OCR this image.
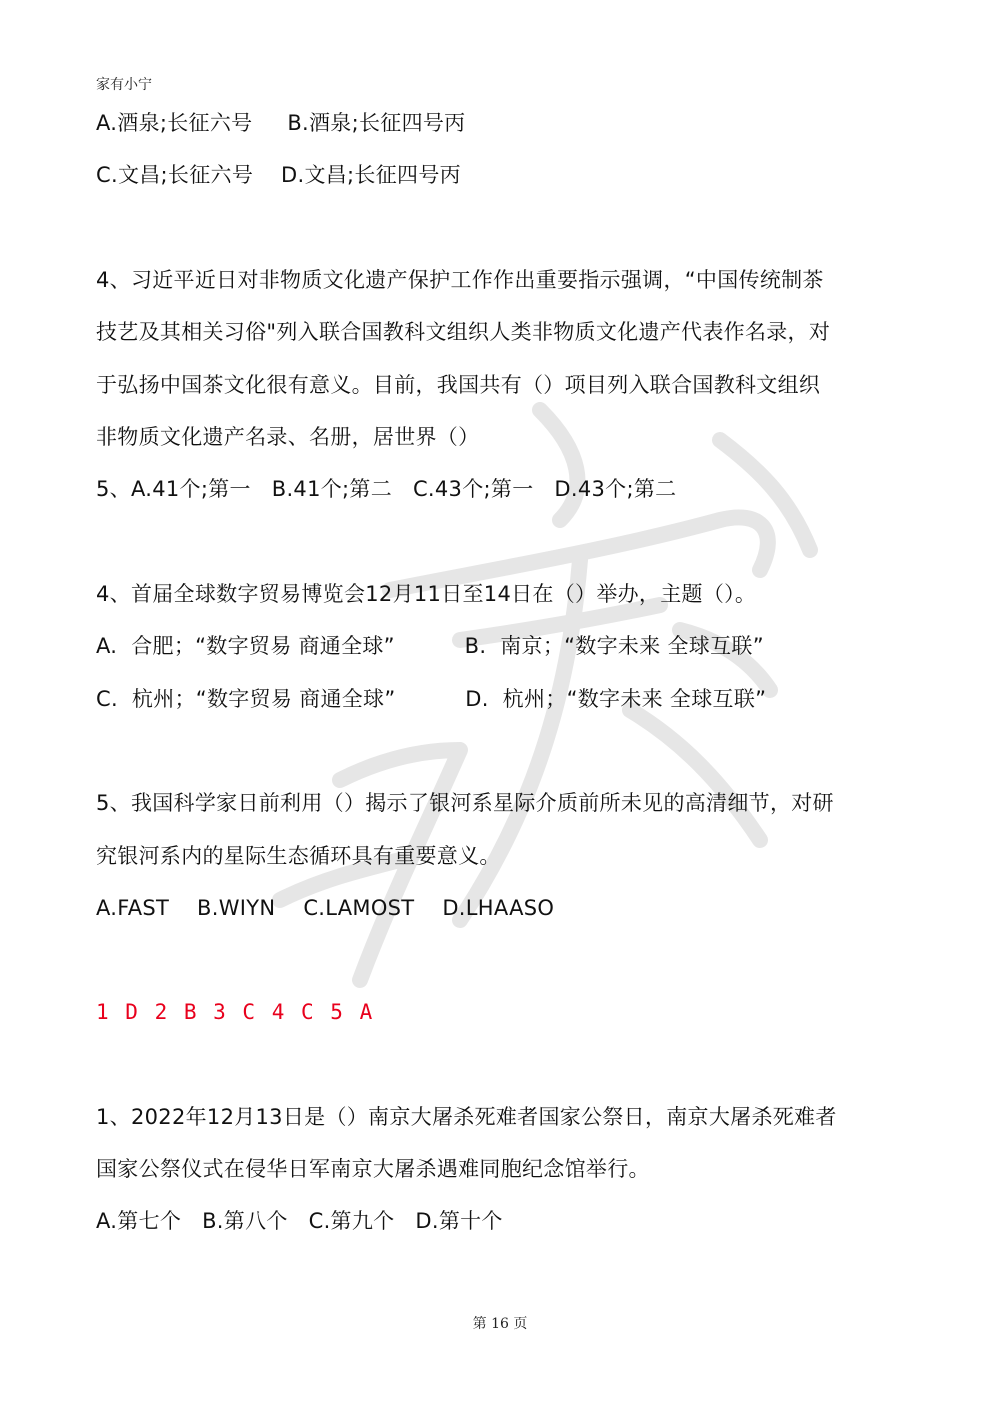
家有小宁
A.酒泉;长征六号     B.酒泉;长征四号丙
C.文昌;长征六号    D.文昌;长征四号丙
4、习近平近日对非物质文化遗产保护工作作出重要指示强调，“中国传统制茶
技艺及其相关习俗"列入联合国教科文组织人类非物质文化遗产代表作名录，对
于弘扬中国茶文化很有意义。目前，我国共有（）项目列入联合国教科文组织
非物质文化遗产名录、名册，居世界（）
5、A.41个;第一   B.41个;第二   C.43个;第一   D.43个;第二
4、首届全球数字贸易博览会12月11日至14日在（）举办，主题（）。
A.  合肥；“数字贸易 商通全球”          B.  南京；“数字未来 全球互联”
C.  杭州；“数字贸易 商通全球”          D.  杭州；“数字未来 全球互联”
5、我国科学家日前利用（）揭示了银河系星际介质前所未见的高清细节，对研
究银河系内的星际生态循环具有重要意义。
A.FAST    B.WIYN    C.LAMOST    D.LHAASO
1 D 2 B 3 C 4 C 5 A
1、2022年12月13日是（）南京大屠杀死难者国家公祭日，南京大屠杀死难者
国家公祭仪式在侵华日军南京大屠杀遇难同胞纪念馆举行。
A.第七个   B.第八个   C.第九个   D.第十个
第 16 页
